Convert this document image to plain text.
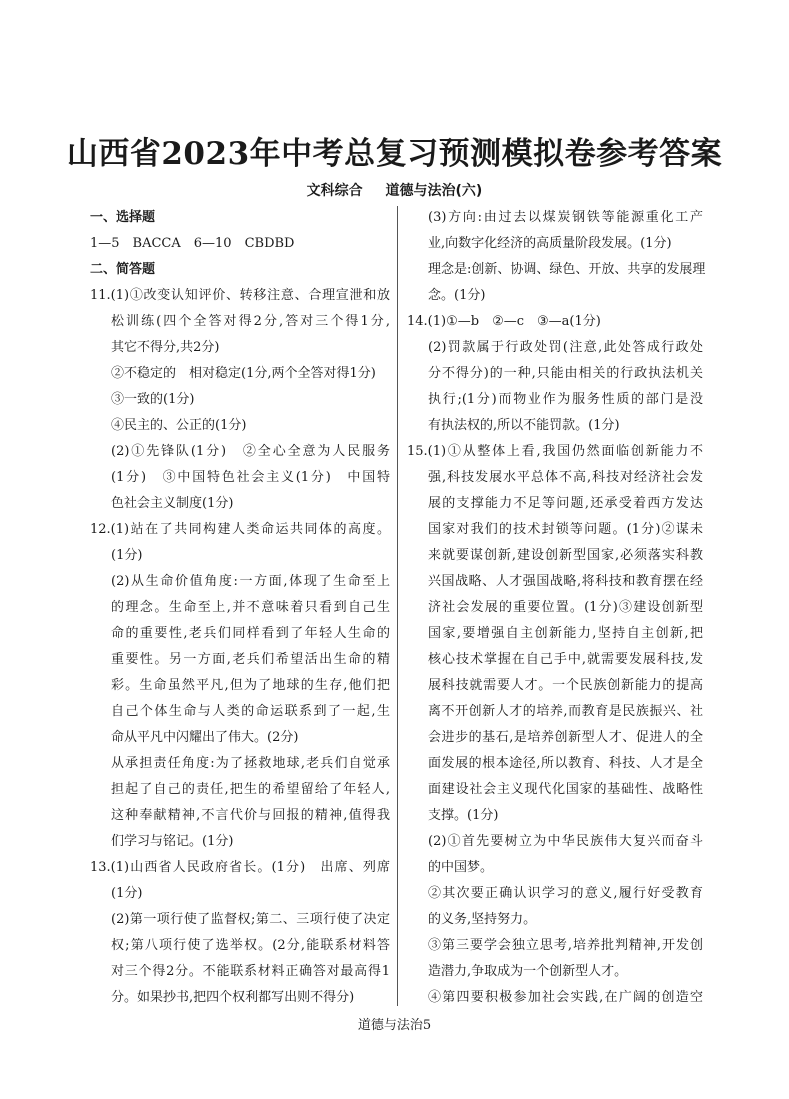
山西省2023年中考总复习预测模拟卷参考答案
文科综合 道德与法治(六)
一、选择题
1—5　BACCA　6—10　CBDBD
二、简答题
11.(1)①改变认知评价、转移注意、合理宣泄和放
松训练(四个全答对得2分,答对三个得1分,
其它不得分,共2分)
②不稳定的　相对稳定(1分,两个全答对得1分)
③一致的(1分)
④民主的、公正的(1分)
(2)①先锋队(1分)　②全心全意为人民服务
(1分)　③中国特色社会主义(1分)　中国特
色社会主义制度(1分)
12.(1)站在了共同构建人类命运共同体的高度。
(1分)
(2)从生命价值角度:一方面,体现了生命至上
的理念。生命至上,并不意味着只看到自己生
命的重要性,老兵们同样看到了年轻人生命的
重要性。另一方面,老兵们希望活出生命的精
彩。生命虽然平凡,但为了地球的生存,他们把
自己个体生命与人类的命运联系到了一起,生
命从平凡中闪耀出了伟大。(2分)
从承担责任角度:为了拯救地球,老兵们自觉承
担起了自己的责任,把生的希望留给了年轻人,
这种奉献精神,不言代价与回报的精神,值得我
们学习与铭记。(1分)
13.(1)山西省人民政府省长。(1分)　出席、列席
(1分)
(2)第一项行使了监督权;第二、三项行使了决定
权;第八项行使了选举权。(2分,能联系材料答
对三个得2分。不能联系材料正确答对最高得1
分。如果抄书,把四个权利都写出则不得分)
(3)方向:由过去以煤炭钢铁等能源重化工产
业,向数字化经济的高质量阶段发展。(1分)
理念是:创新、协调、绿色、开放、共享的发展理
念。(1分)
14.(1)①—b　②—c　③—a(1分)
(2)罚款属于行政处罚(注意,此处答成行政处
分不得分)的一种,只能由相关的行政执法机关
执行;(1分)而物业作为服务性质的部门是没
有执法权的,所以不能罚款。(1分)
15.(1)①从整体上看,我国仍然面临创新能力不
强,科技发展水平总体不高,科技对经济社会发
展的支撑能力不足等问题,还承受着西方发达
国家对我们的技术封锁等问题。(1分)②谋未
来就要谋创新,建设创新型国家,必须落实科教
兴国战略、人才强国战略,将科技和教育摆在经
济社会发展的重要位置。(1分)③建设创新型
国家,要增强自主创新能力,坚持自主创新,把
核心技术掌握在自己手中,就需要发展科技,发
展科技就需要人才。一个民族创新能力的提高
离不开创新人才的培养,而教育是民族振兴、社
会进步的基石,是培养创新型人才、促进人的全
面发展的根本途径,所以教育、科技、人才是全
面建设社会主义现代化国家的基础性、战略性
支撑。(1分)
(2)①首先要树立为中华民族伟大复兴而奋斗
的中国梦。
②其次要正确认识学习的意义,履行好受教育
的义务,坚持努力。
③第三要学会独立思考,培养批判精神,开发创
造潜力,争取成为一个创新型人才。
④第四要积极参加社会实践,在广阔的创造空
道德与法治5
